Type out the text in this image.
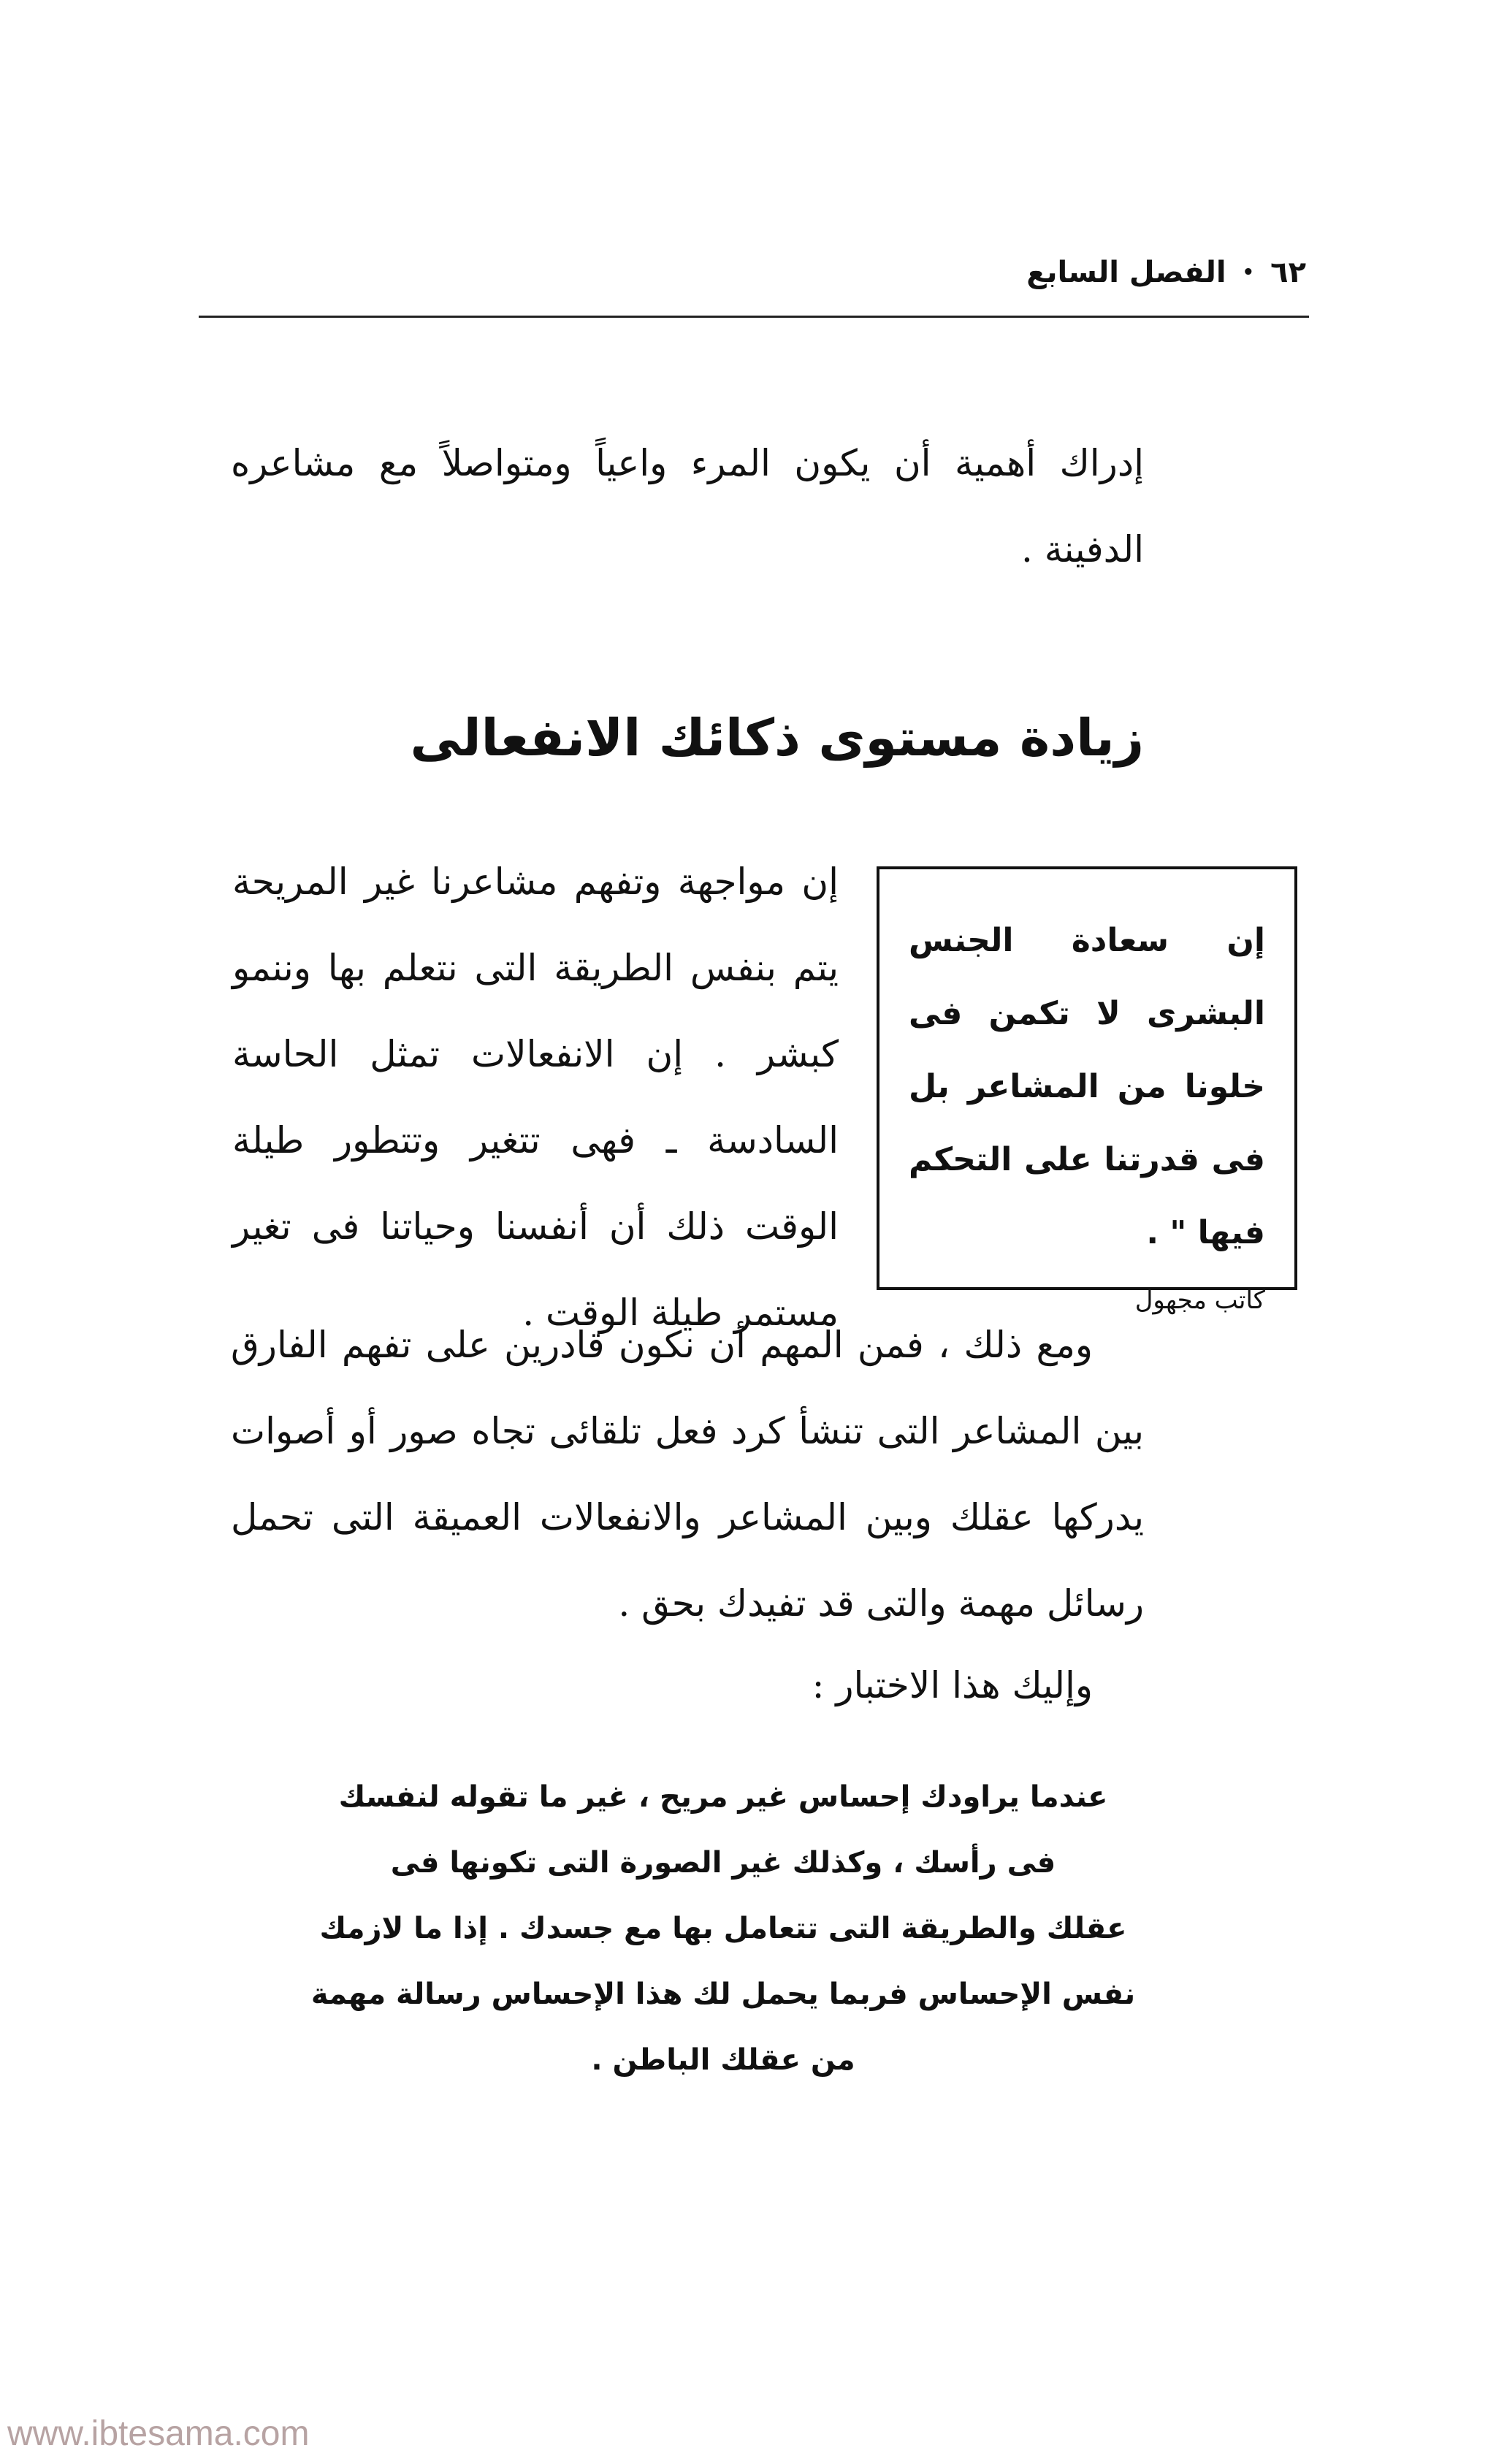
٦٢
•
الفصل السابع
إدراك أهمية أن يكون المرء واعياً ومتواصلاً مع مشاعره الدفينة .
زيادة مستوى ذكائك الانفعالى
إن مواجهة وتفهم مشاعرنا غير المريحة يتم بنفس الطريقة التى نتعلم بها وننمو كبشر . إن الانفعالات تمثل الحاسة السادسة ـ فهى تتغير وتتطور طيلة الوقت ذلك أن أنفسنا وحياتنا فى تغير مستمر طيلة الوقت .
إن سعادة الجنس البشرى لا تكمن فى خلونا من المشاعر بل فى قدرتنا على التحكم فيها " .
كاتب مجهول
ومع ذلك ، فمن المهم أن نكون قادرين على تفهم الفارق بين المشاعر التى تنشأ كرد فعل تلقائى تجاه صور أو أصوات يدركها عقلك وبين المشاعر والانفعالات العميقة التى تحمل رسائل مهمة والتى قد تفيدك بحق .
وإليك هذا الاختبار :
عندما يراودك إحساس غير مريح ، غير ما تقوله لنفسك
فى رأسك ، وكذلك غير الصورة التى تكونها فى
عقلك والطريقة التى تتعامل بها مع جسدك . إذا ما لازمك
نفس الإحساس فربما يحمل لك هذا الإحساس رسالة مهمة
من عقلك الباطن .
www.ibtesama.com
